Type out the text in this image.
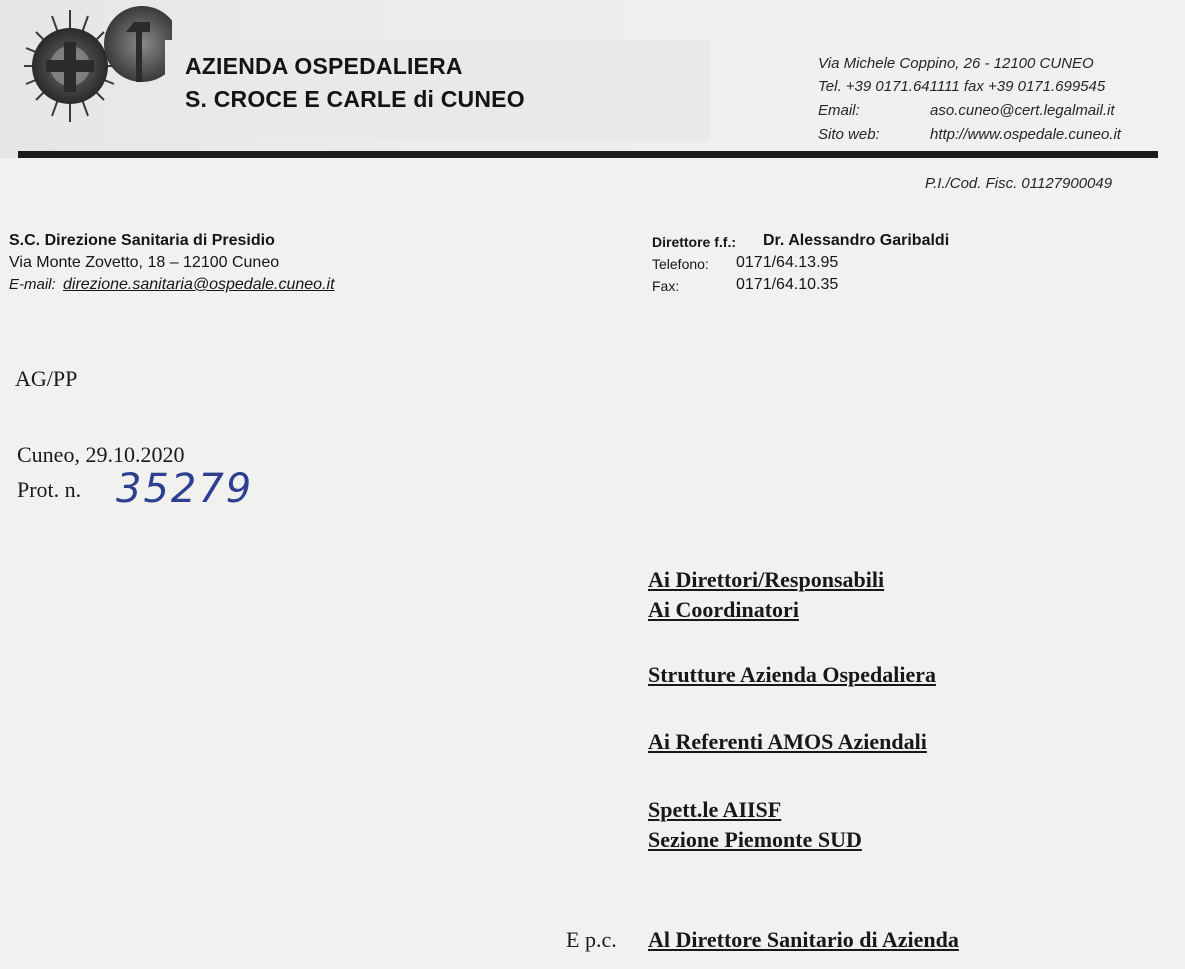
AZIENDA OSPEDALIERA
S. CROCE E CARLE di CUNEO
Via Michele Coppino, 26 - 12100 CUNEO
Tel. +39 0171.641111 fax +39 0171.699545
Email:	aso.cuneo@cert.legalmail.it
Sito web:	http://www.ospedale.cuneo.it
P.I./Cod. Fisc. 01127900049
S.C. Direzione Sanitaria di Presidio
Via Monte Zovetto, 18 – 12100 Cuneo
E-mail: direzione.sanitaria@ospedale.cuneo.it
Direttore f.f.: Dr. Alessandro Garibaldi
Telefono: 0171/64.13.95
Fax:	0171/64.10.35
AG/PP
Cuneo, 29.10.2020
Prot. n. 35279
Ai Direttori/Responsabili
Ai Coordinatori
Strutture Azienda Ospedaliera
Ai Referenti AMOS Aziendali
Spett.le AIISF
Sezione Piemonte SUD
E p.c. Al Direttore Sanitario di Azienda
